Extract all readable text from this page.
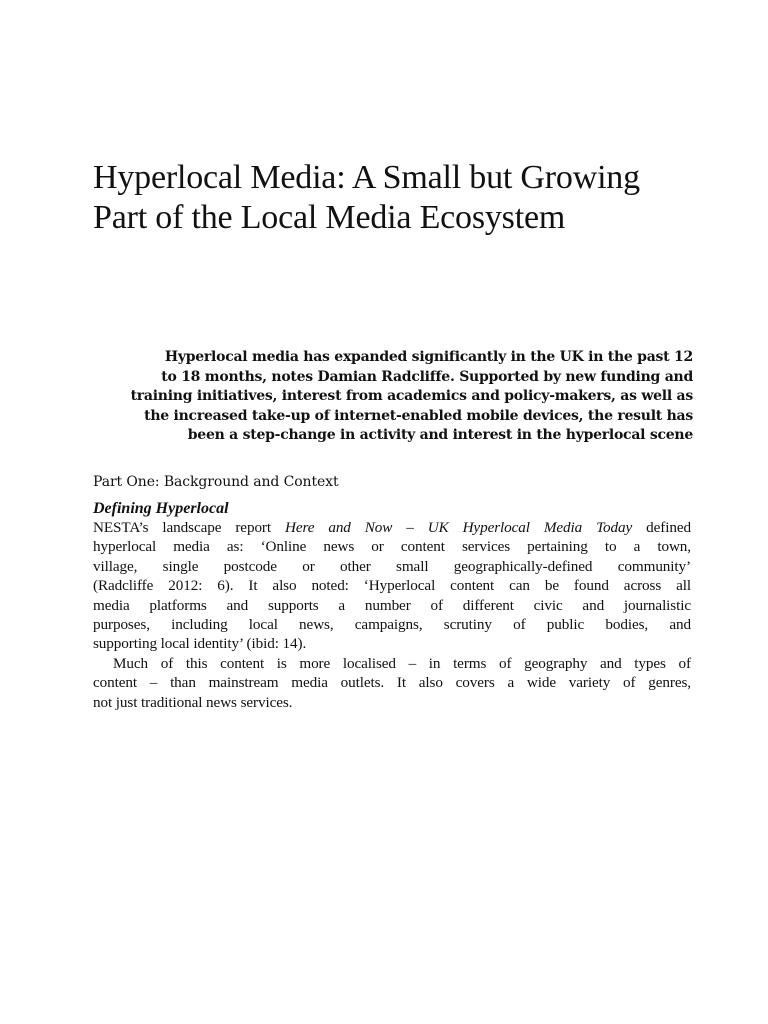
Hyperlocal Media: A Small but Growing
Part of the Local Media Ecosystem

Hyperlocal media has expanded significantly in the UK in the past 12
to 18 months, notes Damian Radcliffe. Supported by new funding and
training initiatives, interest from academics and policy-makers, as well as
the increased take-up of internet-enabled mobile devices, the result has
been a step-change in activity and interest in the hyperlocal scene

Part One: Background and Context
Defining Hyperlocal
NESTA’s landscape report Here and Now – UK Hyperlocal Media Today defined
hyperlocal media as: ‘Online news or content services pertaining to a town,
village, single postcode or other small geographically-defined community’
(Radcliffe 2012: 6). It also noted: ‘Hyperlocal content can be found across all
media platforms and supports a number of different civic and journalistic
purposes, including local news, campaigns, scrutiny of public bodies, and
supporting local identity’ (ibid: 14).
Much of this content is more localised – in terms of geography and types of
content – than mainstream media outlets. It also covers a wide variety of genres,
not just traditional news services.
